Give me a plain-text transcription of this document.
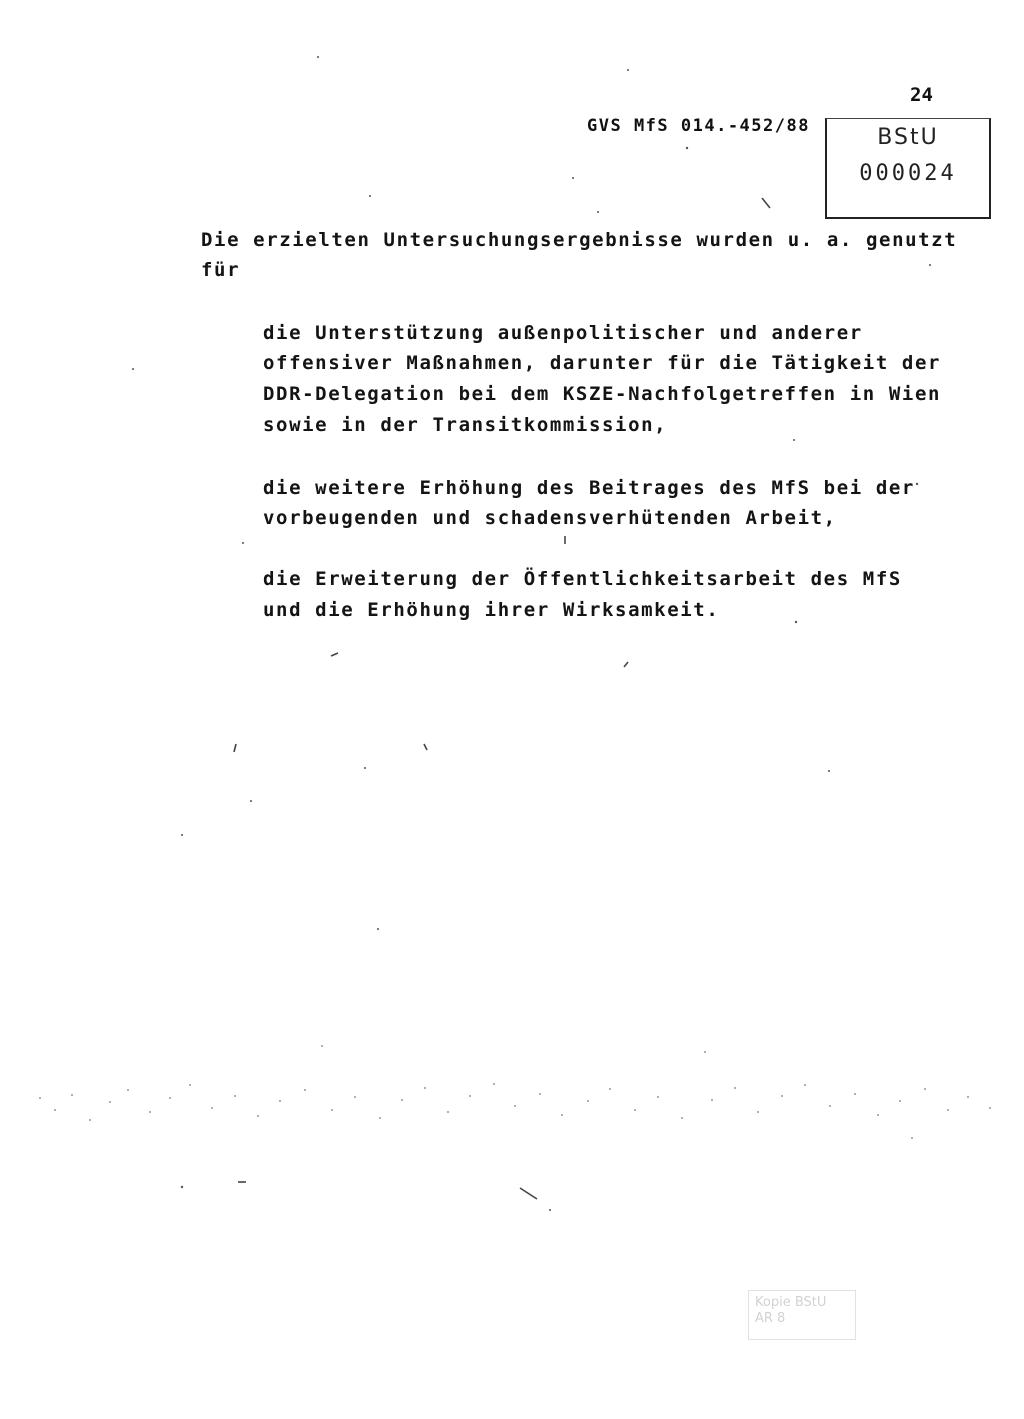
24
GVS MfS 014.-452/88	BStU
000024
Die erzielten Untersuchungsergebnisse wurden u. a. genutzt
für
die Unterstützung außenpolitischer und anderer
offensiver Maßnahmen, darunter für die Tätigkeit der
DDR-Delegation bei dem KSZE-Nachfolgetreffen in Wien
sowie in der Transitkommission,
die weitere Erhöhung des Beitrages des MfS bei der
vorbeugenden und schadensverhütenden Arbeit,
die Erweiterung der Öffentlichkeitsarbeit des MfS
und die Erhöhung ihrer Wirksamkeit.
Kopie BStU
AR 8
